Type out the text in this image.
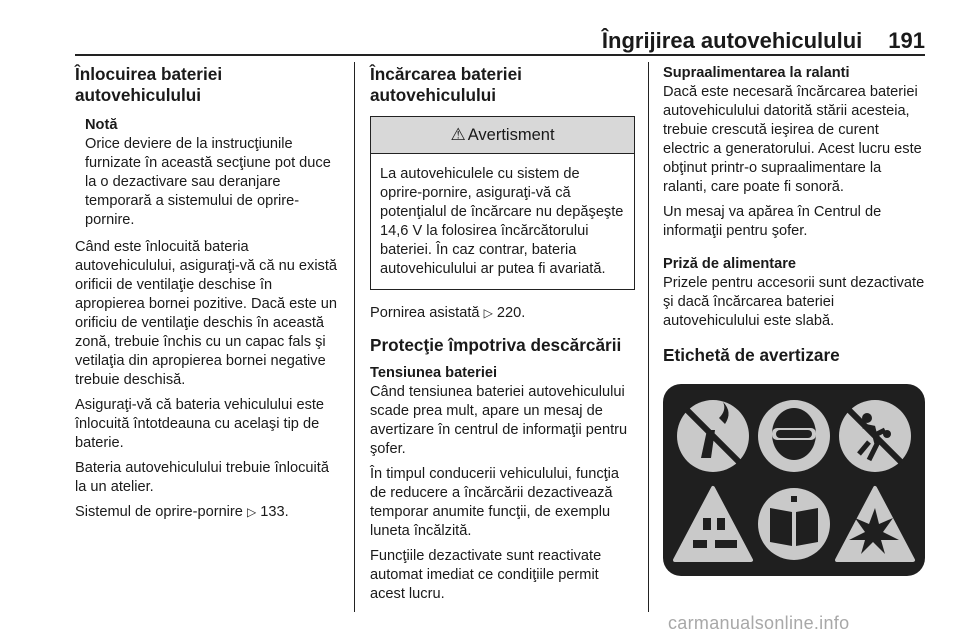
Îngrijirea autovehiculului 191
Înlocuirea bateriei autovehiculului
Notă
Orice deviere de la instrucţiunile furnizate în această secţiune pot duce la o dezactivare sau deranjare temporară a sistemului de oprire-pornire.

Când este înlocuită bateria autovehiculului, asiguraţi-vă că nu există orificii de ventilaţie deschise în apropierea bornei pozitive. Dacă este un orificiu de ventilaţie deschis în această zonă, trebuie închis cu un capac fals şi vetilaţia din apropierea bornei negative trebuie deschisă.

Asiguraţi-vă că bateria vehiculului este înlocuită întotdeauna cu acelaşi tip de baterie.

Bateria autovehiculului trebuie înlocuită la un atelier.

Sistemul de oprire-pornire ▷ 133.

Încărcarea bateriei autovehiculului
⚠ Avertisment
La autovehiculele cu sistem de oprire-pornire, asiguraţi-vă că potenţialul de încărcare nu depăşeşte 14,6 V la folosirea încărcătorului bateriei. În caz contrar, bateria autovehiculului ar putea fi avariată.

Pornirea asistată ▷ 220.

Protecţie împotriva descărcării
Tensiunea bateriei

Când tensiunea bateriei autovehiculului scade prea mult, apare un mesaj de avertizare în centrul de informaţii pentru şofer.

În timpul conducerii vehiculului, funcţia de reducere a încărcării dezactivează temporar anumite funcţii, de exemplu luneta încălzită.

Funcţiile dezactivate sunt reactivate automat imediat ce condiţiile permit acest lucru.

Supraalimentarea la ralanti

Dacă este necesară încărcarea bateriei autovehiculului datorită stării acesteia, trebuie crescută ieşirea de curent electric a generatorului. Acest lucru este obţinut printr-o supraalimentare la ralanti, care poate fi sonoră.

Un mesaj va apărea în Centrul de informaţii pentru şofer.

Priză de alimentare

Prizele pentru accesorii sunt dezactivate şi dacă încărcarea bateriei autovehiculului este slabă.

Etichetă de avertizare
carmanualsonline.info
